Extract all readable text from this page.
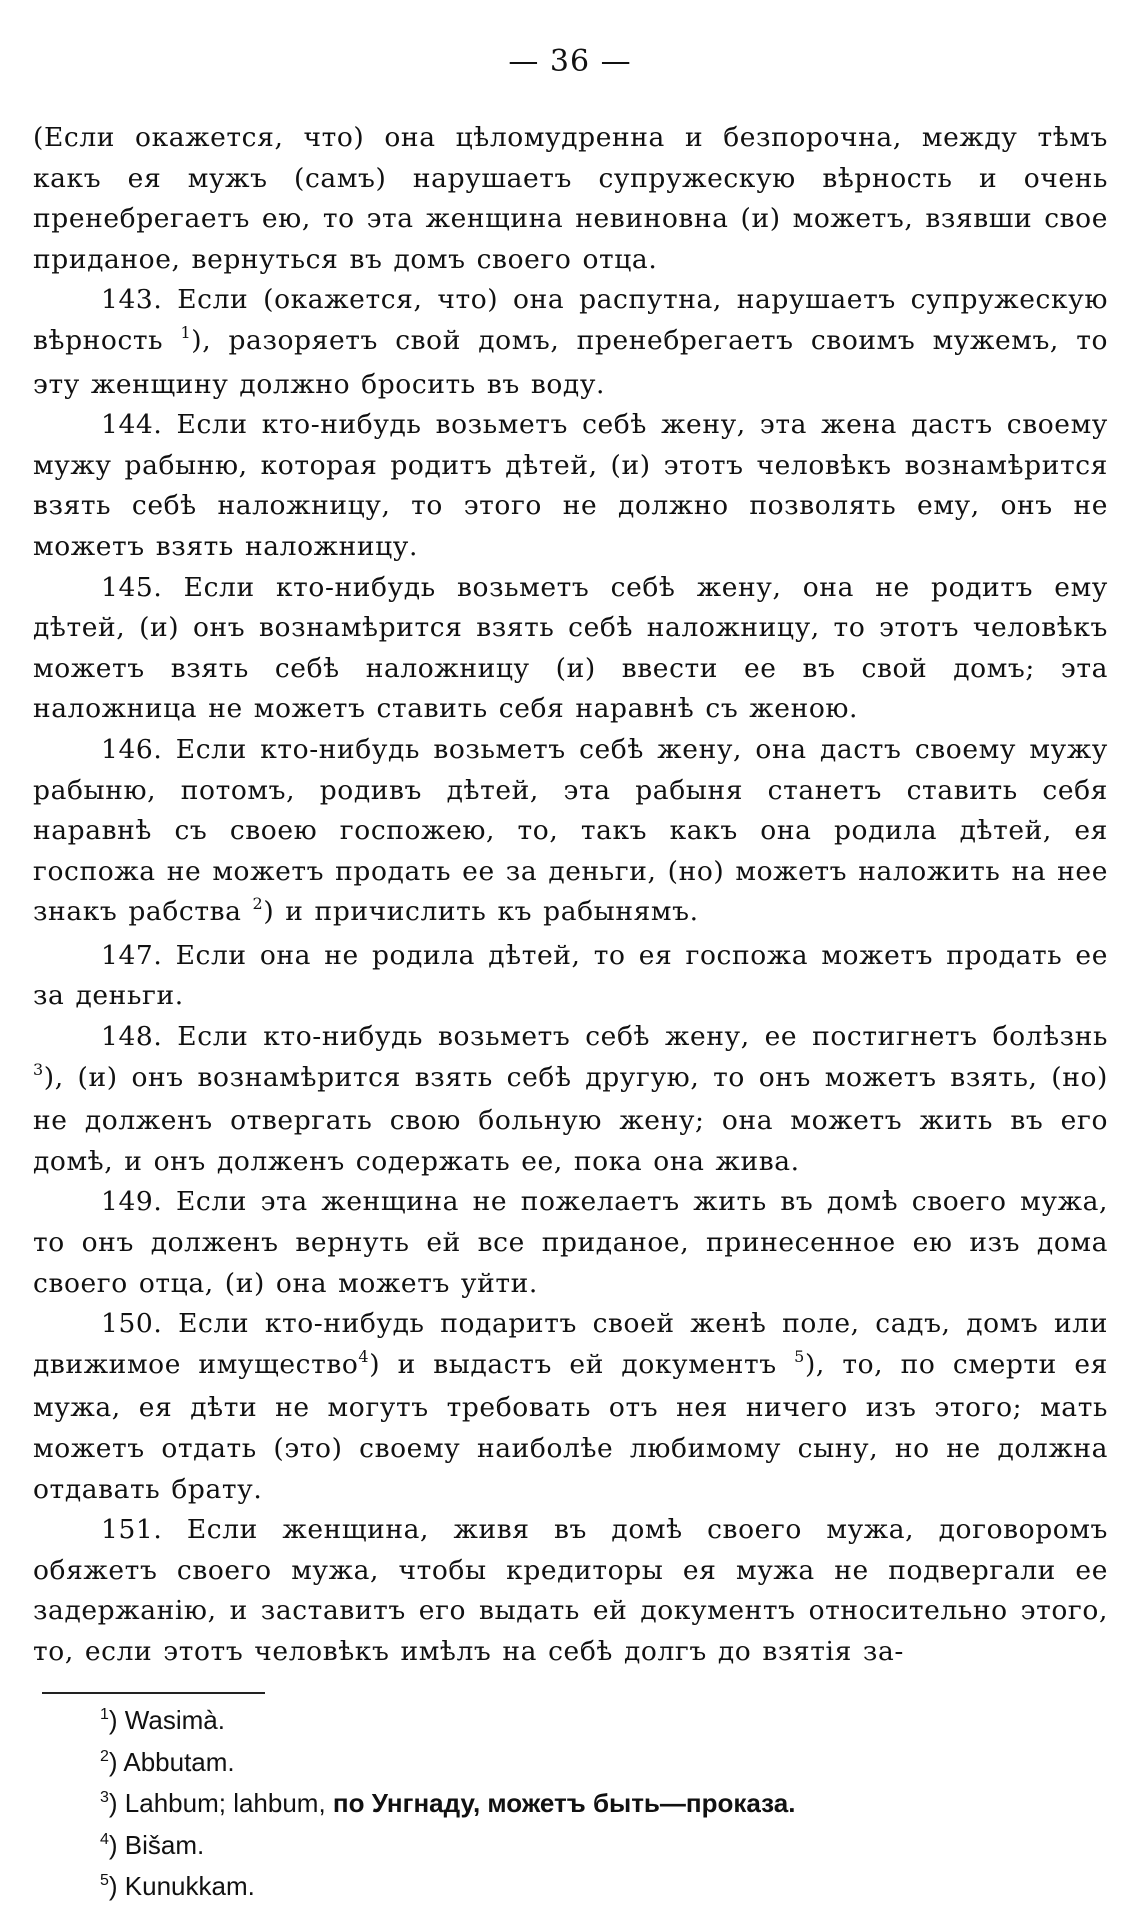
— 36 —

(Если окажется, что) она цѣломудренна и безпорочна, между тѣмъ какъ ея мужъ (самъ) нарушаетъ супружескую вѣрность и очень пренебрегаетъ ею, то эта женщина невиновна (и) можетъ, взявши свое приданое, вернуться въ домъ своего отца.

143. Если (окажется, что) она распутна, нарушаетъ супружескую вѣрность $^1$), разоряетъ свой домъ, пренебрегаетъ своимъ мужемъ, то эту женщину должно бросить въ воду.

144. Если кто-нибудь возьметъ себѣ жену, эта жена дастъ своему мужу рабыню, которая родитъ дѣтей, (и) этотъ человѣкъ вознамѣрится взять себѣ наложницу, то этого не должно позволять ему, онъ не можетъ взять наложницу.

145. Если кто-нибудь возьметъ себѣ жену, она не родитъ ему дѣтей, (и) онъ вознамѣрится взять себѣ наложницу, то этотъ человѣкъ можетъ взять себѣ наложницу (и) ввести ее въ свой домъ; эта наложница не можетъ ставить себя наравнѣ съ женою.

146. Если кто-нибудь возьметъ себѣ жену, она дастъ своему мужу рабыню, потомъ, родивъ дѣтей, эта рабыня станетъ ставить себя наравнѣ съ своею госпожею, то, такъ какъ она родила дѣтей, ея госпожа не можетъ продать ее за деньги, (но) можетъ наложить на нее знакъ рабства $^2$) и причислить къ рабынямъ.

147. Если она не родила дѣтей, то ея госпожа можетъ продать ее за деньги.

148. Если кто-нибудь возьметъ себѣ жену, ее постигнетъ болѣзнь $^3$), (и) онъ вознамѣрится взять себѣ другую, то онъ можетъ взять, (но) не долженъ отвергать свою больную жену; она можетъ жить въ его домѣ, и онъ долженъ содержать ее, пока она жива.

149. Если эта женщина не пожелаетъ жить въ домѣ своего мужа, то онъ долженъ вернуть ей все приданое, принесенное ею изъ дома своего отца, (и) она можетъ уйти.

150. Если кто-нибудь подаритъ своей женѣ поле, садъ, домъ или движимое имущество$^4$) и выдастъ ей документъ $^5$), то, по смерти ея мужа, ея дѣти не могутъ требовать отъ нея ничего изъ этого; мать можетъ отдать (это) своему наиболѣе любимому сыну, но не должна отдавать брату.

151. Если женщина, живя въ домѣ своего мужа, договоромъ обяжетъ своего мужа, чтобы кредиторы ея мужа не подвергали ее задержанію, и заставитъ его выдать ей документъ относительно этого, то, если этотъ человѣкъ имѣлъ на себѣ долгъ до взятія за-

$^1$) Wasimà.
$^2$) Abbutam.
$^3$) Lahbum; lahbum, по Унгнаду, можетъ быть—проказа.
$^4$) Bišam.
$^5$) Kunukkam.
